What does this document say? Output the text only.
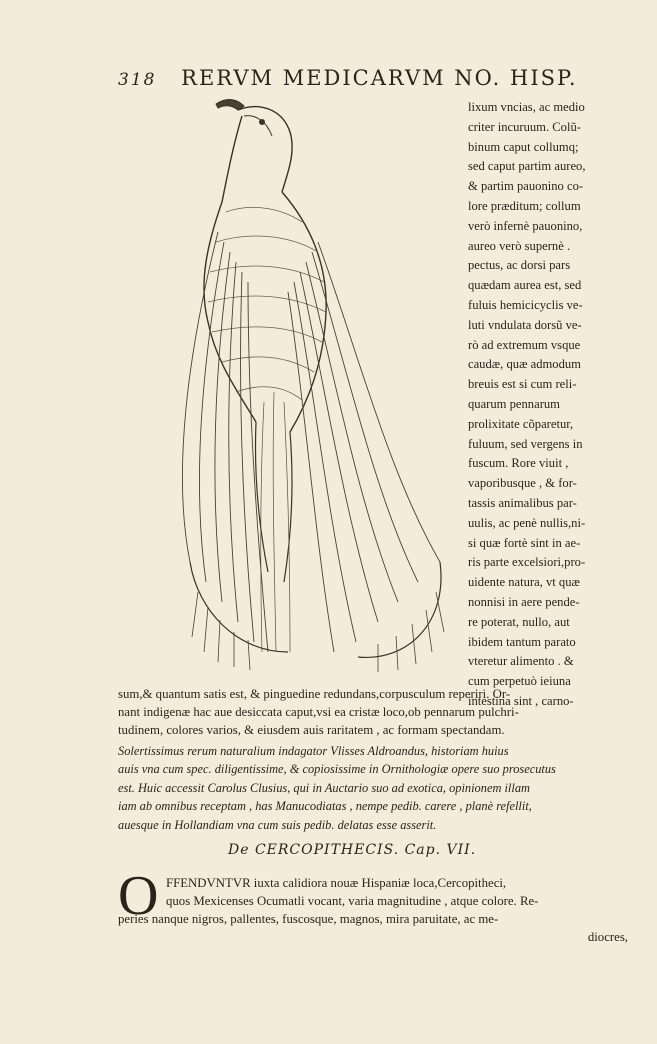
318 RERVM MEDICARVM NO. HISP.
lixum vncias, ac medio
criter incuruum. Colũ-
binum caput collumq;
sed caput partim aureo,
& partim pauonino co-
lore præditum; collum
verò infernè pauonino,
aureo verò supernè .
pectus, ac dorsi pars
quædam aurea est, sed
fuluis hemicicyclis ve-
luti vndulata dorsũ ve-
rò ad extremum vsque
caudæ, quæ admodum
breuis est si cum reli-
quarum pennarum
prolixitate cõparetur,
fuluum, sed vergens in
fuscum. Rore viuit ,
vaporibusque , & for-
tassis animalibus par-
uulis, ac penè nullis,ni-
si quæ fortè sint in ae-
ris parte excelsiori,pro-
uidente natura, vt quæ
nonnisi in aere pende-
re poterat, nullo, aut
ibidem tantum parato
vteretur alimento . &
cum perpetuò ieiuna
intestina sint , carno-
sum,& quantum satis est, & pinguedine redundans,corpusculum reperiri. Or-
nant indigenæ hac aue desiccata caput,vsi ea cristæ loco,ob pennarum pulchri-
tudinem, colores varios, & eiusdem auis raritatem , ac formam spectandam.
Solertissimus rerum naturalium indagator Vlisses Aldroandus, historiam huius
auis vna cum spec. diligentissime, & copiosissime in Ornithologiæ opere suo prosecutus
est. Huic accessit Carolus Clusius, qui in Auctario suo ad exotica, opinionem illam
iam ab omnibus receptam , has Manucodiatas , nempe pedib. carere , planè refellit,
auesque in Hollandiam vna cum suis pedib. delatas esse asserit.
De CERCOPITHECIS. Cap. VII.
O FFENDVNTVR iuxta calidiora nouæ Hispaniæ loca,Cercopitheci,
quos Mexicenses Ocumatli vocant, varia magnitudine , atque colore. Re-
peries nanque nigros, pallentes, fuscosque, magnos, mira paruitate, ac me-
diocres,
